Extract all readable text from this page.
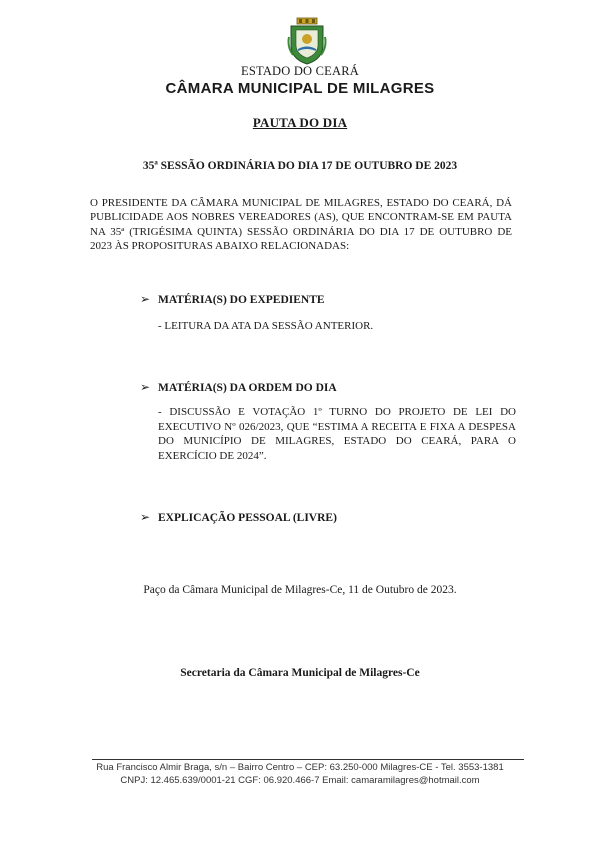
ESTADO DO CEARÁ
CÂMARA MUNICIPAL DE MILAGRES
PAUTA DO DIA
35ª SESSÃO ORDINÁRIA DO DIA 17 DE OUTUBRO DE 2023
O PRESIDENTE DA CÂMARA MUNICIPAL DE MILAGRES, ESTADO DO CEARÁ, DÁ PUBLICIDADE AOS NOBRES VEREADORES (AS), QUE ENCONTRAM-SE EM PAUTA NA 35ª (TRIGÉSIMA QUINTA) SESSÃO ORDINÁRIA DO DIA 17 DE OUTUBRO DE 2023 ÀS PROPOSITURAS ABAIXO RELACIONADAS:
➢ MATÉRIA(S) DO EXPEDIENTE
- LEITURA DA ATA DA SESSÃO ANTERIOR.
➢ MATÉRIA(S) DA ORDEM DO DIA
- DISCUSSÃO E VOTAÇÃO 1º TURNO DO PROJETO DE LEI DO EXECUTIVO Nº 026/2023, QUE “ESTIMA A RECEITA E FIXA A DESPESA DO MUNICÍPIO DE MILAGRES, ESTADO DO CEARÁ, PARA O EXERCÍCIO DE 2024”.
➢ EXPLICAÇÃO PESSOAL (LIVRE)
Paço da Câmara Municipal de Milagres-Ce, 11 de Outubro de 2023.
Secretaria da Câmara Municipal de Milagres-Ce
Rua Francisco Almir Braga, s/n – Bairro Centro – CEP: 63.250-000 Milagres-CE - Tel. 3553-1381
CNPJ: 12.465.639/0001-21 CGF: 06.920.466-7 Email: camaramilagres@hotmail.com
